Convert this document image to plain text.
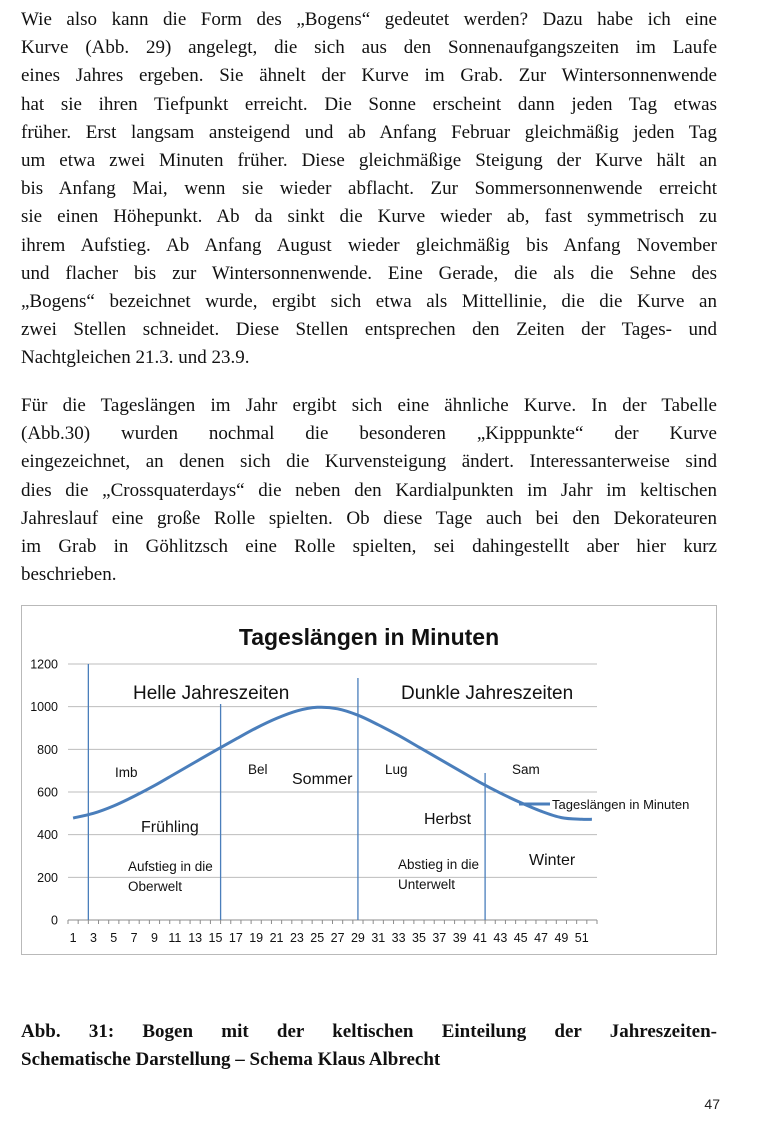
Wie also kann die Form des „Bogens“ gedeutet werden? Dazu habe ich eine
Kurve (Abb. 29) angelegt, die sich aus den Sonnenaufgangszeiten im Laufe
eines Jahres ergeben. Sie ähnelt der Kurve im Grab. Zur Wintersonnenwende
hat sie ihren Tiefpunkt erreicht. Die Sonne erscheint dann jeden Tag etwas
früher. Erst langsam ansteigend und ab Anfang Februar gleichmäßig jeden Tag
um etwa zwei Minuten früher. Diese gleichmäßige Steigung der Kurve hält an
bis Anfang Mai, wenn sie wieder abflacht. Zur Sommersonnenwende erreicht
sie einen Höhepunkt. Ab da sinkt die Kurve wieder ab, fast symmetrisch zu
ihrem Aufstieg. Ab Anfang August wieder gleichmäßig bis Anfang November
und flacher bis zur Wintersonnenwende. Eine Gerade, die als die Sehne des
„Bogens“ bezeichnet wurde, ergibt sich etwa als Mittellinie, die die Kurve an
zwei Stellen schneidet. Diese Stellen entsprechen den Zeiten der Tages- und
Nachtgleichen 21.3. und 23.9.
Für die Tageslängen im Jahr ergibt sich eine ähnliche Kurve. In der Tabelle
(Abb.30) wurden nochmal die besonderen „Kipppunkte“ der Kurve
eingezeichnet, an denen sich die Kurvensteigung ändert. Interessanterweise sind
dies die „Crossquaterdays“ die neben den Kardialpunkten im Jahr im keltischen
Jahreslauf eine große Rolle spielten. Ob diese Tage auch bei den Dekorateuren
im Grab in Göhlitzsch eine Rolle spielten, sei dahingestellt aber hier kurz
beschrieben.
Tageslängen in Minuten
0
200
400
600
800
1000
1200
1 3 5 7 9 11 13 15 17 19 21 23 25 27 29 31 33 35 37 39 41 43 45 47 49 51
Helle Jahreszeiten	Dunkle Jahreszeiten
Imb	Bel
Sommer
Lug	Sam
Frühling	Herbst
Winter
Aufstieg in die
Oberwelt
Abstieg in die
Unterwelt
Tageslängen in Minuten
Abb. 31: Bogen mit der keltischen Einteilung der Jahreszeiten-
Schematische Darstellung – Schema Klaus Albrecht
47
